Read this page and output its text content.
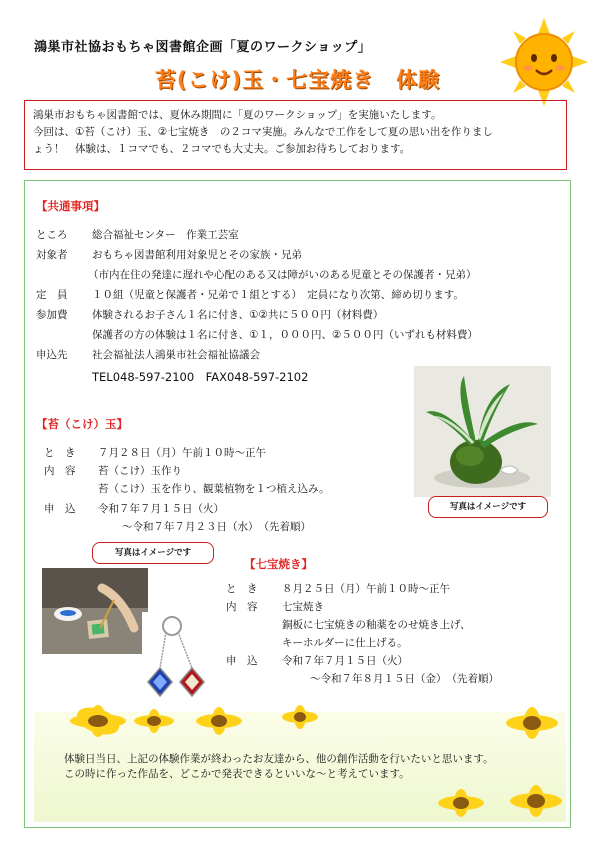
鴻巣市社協おもちゃ図書館企画「夏のワークショップ」
苔(こけ)玉・七宝焼き　体験

鴻巣市おもちゃ図書館では、夏休み期間に「夏のワークショップ」を実施いたします。

今回は、①苔（こけ）玉、②七宝焼き　の２コマ実施。みんなで工作をして夏の思い出を作りまし

ょう！　体験は、１コマでも、２コマでも大丈夫。ご参加お待ちしております。

【共通事項】
ところ 総合福祉センター　作業工芸室
対象者 おもちゃ図書館利用対象児とその家族・兄弟
（市内在住の発達に遅れや心配のある又は障がいのある児童とその保護者・兄弟）
定　員 １０組（児童と保護者・兄弟で１組とする）　定員になり次第、締め切ります。
参加費 体験されるお子さん１名に付き、①②共に５００円（材料費）
保護者の方の体験は１名に付き、①１，０００円、②５００円（いずれも材料費）
申込先 社会福祉法人鴻巣市社会福祉協議会
TEL048-597-2100　FAX048-597-2102
【苔（こけ）玉】
と　き ７月２８日（月）午前１０時～正午
内　容 苔（こけ）玉作り
苔（こけ）玉を作り、観葉植物を１つ植え込み。
申　込 令和７年７月１５日（火）
～令和７年７月２３日（水）　（先着順）
写真はイメージです
写真はイメージです
【七宝焼き】
と　き ８月２５日（月）午前１０時～正午
内　容 七宝焼き
銅板に七宝焼きの釉薬をのせ焼き上げ、
キーホルダーに仕上げる。
申　込 令和７年７月１５日（火）
～令和７年８月１５日（金）　（先着順）
体験日当日、上記の体験作業が終わったお友達から、他の創作活動を行いたいと思います。
この時に作った作品を、どこかで発表できるといいな～と考えています。
